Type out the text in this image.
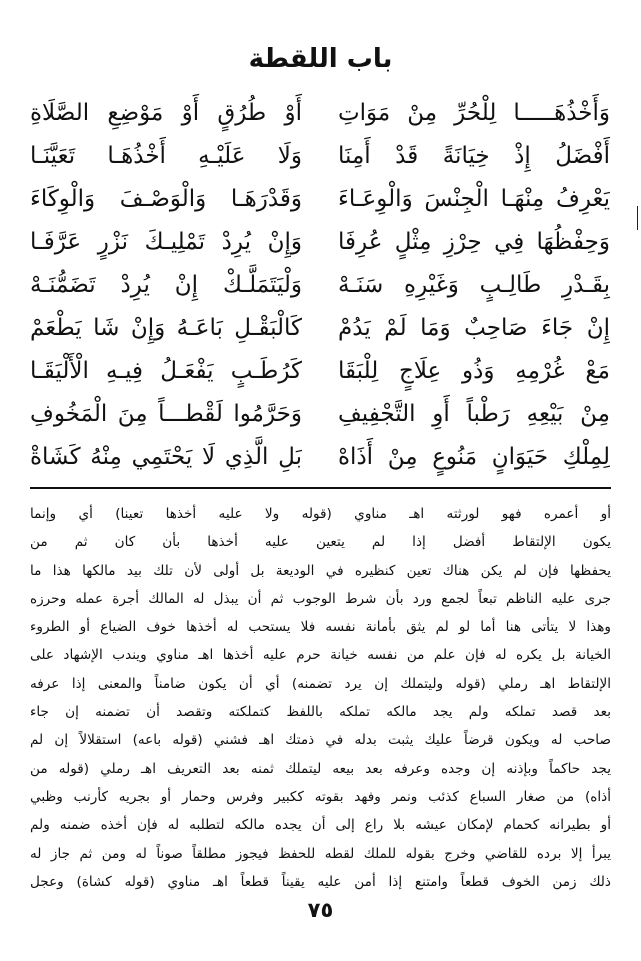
باب اللقطة
وَأَخْذُهَـــــا لِلْحُرِّ مِنْ مَوَاتِ
أَوْ طُرُقٍ أَوْ مَوْضِعِ الصَّلَاةِ
أَفْضَلُ إِذْ خِيَانَةً قَدْ أَمِنَا
وَلَا عَلَيْـهِ أَخْذُهَـا تَعَيَّنَـا
يَعْرِفُ مِنْهَـا الْجِنْسَ وَالْوِعَـاءَ
وَقَدْرَهَـا وَالْوَصْـفَ وَالْوِكَاءَ
وَحِفْظُهَا فِي حِرْزِ مِثْلٍ عُرِفَا
وَإِنْ يُرِدْ تَمْلِيـكَ نَزْرٍ عَرَّفَـا
بِقَـدْرِ طَالِـبٍ وَغَيْرِهِ سَنَـهْ
وَلْيَتَمَلَّـكْ إِنْ يُرِدْ تَضَمُّنَـهْ
إِنْ جَاءَ صَاحِبٌ وَمَا لَمْ يَدُمْ
كَالْبَقْـلِ بَاعَـهُ وَإِنْ شَا يَطْعَمْ
مَعْ غُرْمِهِ وَذُو عِلَاجٍ لِلْبَقَا
كَرُطَـبٍ يَفْعَـلُ فِيـهِ الْأَلْيَقَـا
مِنْ بَيْعِهِ رَطْباً أَوِ التَّجْفِيفِ
وَحَرَّمُوا لَقْطـــاً مِنَ الْمَخُوفِ
لِمِلْكِ حَيَوَانٍ مَنُوعٍ مِنْ أَذَاهْ
بَلِ الَّذِي لَا يَحْتَمِي مِنْهُ كَشَاةْ
أو أعمره فهو لورثته اهـ مناوي (قوله ولا عليه أخذها تعينا) أي وإنما
يكون الإلتقاط أفضل إذا لم يتعين عليه أخذها بأن كان ثم من
يحفظها فإن لم يكن هناك تعين كنظيره في الوديعة بل أولى لأن تلك بيد مالكها هذا ما
جرى عليه الناظم تبعاً لجمع ورد بأن شرط الوجوب ثم أن يبذل له المالك أجرة عمله وحرزه
وهذا لا يتأتى هنا أما لو لم يثق بأمانة نفسه فلا يستحب له أخذها خوف الضياع أو الطروء
الخيانة بل يكره له فإن علم من نفسه خيانة حرم عليه أخذها اهـ مناوي ويندب الإشهاد على
الإلتقاط اهـ رملي (قوله وليتملك إن يرد تضمنه) أي أن يكون ضامناً والمعنى إذا عرفه
بعد قصد تملكه ولم يجد مالكه تملكه باللفظ كتملكته وتقصد أن تضمنه إن جاء
صاحب له ويكون قرضاً عليك يثبت بدله في ذمتك اهـ فشني (قوله باعه) استقلالاً إن لم
يجد حاكماً وبإذنه إن وجده وعرفه بعد بيعه ليتملك ثمنه بعد التعريف اهـ رملي (قوله من
أذاه) من صغار السباع كذئب ونمر وفهد بقوته ككبير وفرس وحمار أو بجريه كأرنب وظبي
أو بطيرانه كحمام لإمكان عيشه بلا راع إلى أن يجده مالكه لتطلبه له فإن أخذه ضمنه ولم
يبرأ إلا برده للقاضي وخرج بقوله للملك لقطه للحفظ فيجوز مطلقاً صوناً له ومن ثم جاز له
ذلك زمن الخوف قطعاً وامتنع إذا أمن عليه يقيناً قطعاً اهـ مناوي (قوله كشاة) وعجل
٧٥
